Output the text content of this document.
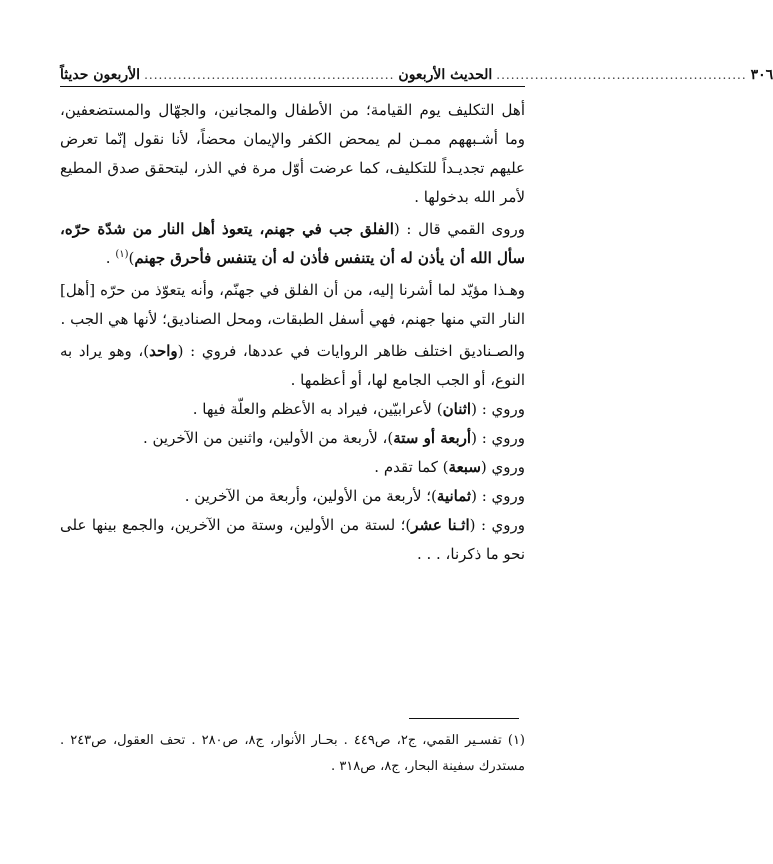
الأربعون حديثاً .................................................... الحديث الأربعون .................................................... ٣٠٦

أهل التكليف يوم القيامة؛ من الأطفال والمجانين، والجهّال والمستضعفين، وما أشـبههم ممـن لم يمحض الكفر والإيمان محضاً، لأنا نقول إنّما تعرض عليهم تجديـداً للتكليف، كما عرضت أوّل مرة في الذر، ليتحقق صدق المطيع لأمر الله بدخولها .

وروى القمي قال : (الفلق جب في جهنم، يتعوذ أهل النار من شدّة حرّه، سأل الله أن يأذن له أن يتنفس فأذن له أن يتنفس فأحرق جهنم)$^{(١)}$ .

وهـذا مؤيّد لما أشرنا إليه، من أن الفلق في جهنّم، وأنه يتعوّذ من حرّه [أهل] النار التي منها جهنم، فهي أسفل الطبقات، ومحل الصناديق؛ لأنها هي الجب .

والصـناديق اختلف ظاهر الروايات في عددها، فروي : (واحد)، وهو يراد به النوع، أو الجب الجامع لها، أو أعظمها .

وروي : (اثنان) لأعرابيّين، فيراد به الأعظم والعلّة فيها .

وروي : (أربعة أو ستة)، لأربعة من الأولين، واثنين من الآخرين .

وروي (سبعة) كما تقدم .

وروي : (ثمانية)؛ لأربعة من الأولين، وأربعة من الآخرين .

وروي : (اثـنا عشر)؛ لستة من الأولين، وستة من الآخرين، والجمع بينها على نحو ما ذكرنا، . . .

(١) تفسـير القمي، ج٢، ص٤٤٩ . بحـار الأنوار، ج٨، ص٢٨٠ . تحف العقول، ص٢٤٣ . مستدرك سفينة البحار، ج٨، ص٣١٨ .
